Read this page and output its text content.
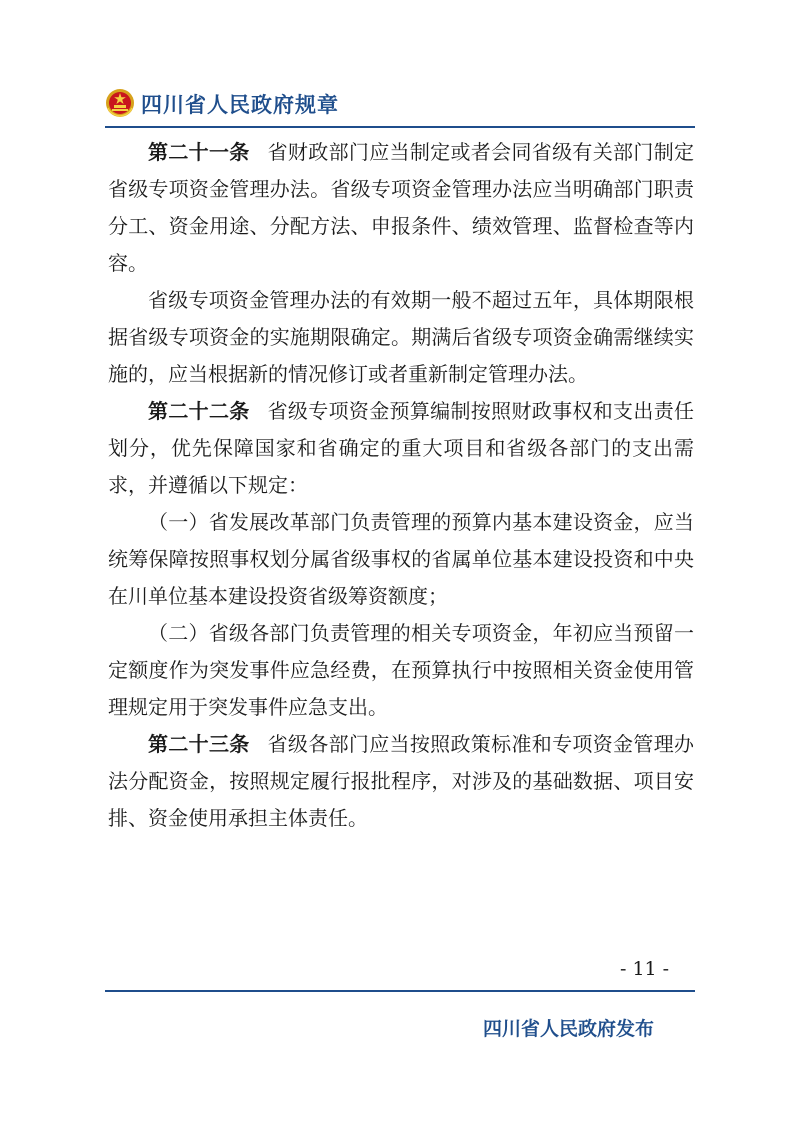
四川省人民政府规章

第二十一条 省财政部门应当制定或者会同省级有关部门制定省级专项资金管理办法。省级专项资金管理办法应当明确部门职责分工、资金用途、分配方法、申报条件、绩效管理、监督检查等内容。

省级专项资金管理办法的有效期一般不超过五年，具体期限根据省级专项资金的实施期限确定。期满后省级专项资金确需继续实施的，应当根据新的情况修订或者重新制定管理办法。

第二十二条 省级专项资金预算编制按照财政事权和支出责任划分，优先保障国家和省确定的重大项目和省级各部门的支出需求，并遵循以下规定：

（一）省发展改革部门负责管理的预算内基本建设资金，应当统筹保障按照事权划分属省级事权的省属单位基本建设投资和中央在川单位基本建设投资省级筹资额度；

（二）省级各部门负责管理的相关专项资金，年初应当预留一定额度作为突发事件应急经费，在预算执行中按照相关资金使用管理规定用于突发事件应急支出。

第二十三条 省级各部门应当按照政策标准和专项资金管理办法分配资金，按照规定履行报批程序，对涉及的基础数据、项目安排、资金使用承担主体责任。

- 11 -
四川省人民政府发布
